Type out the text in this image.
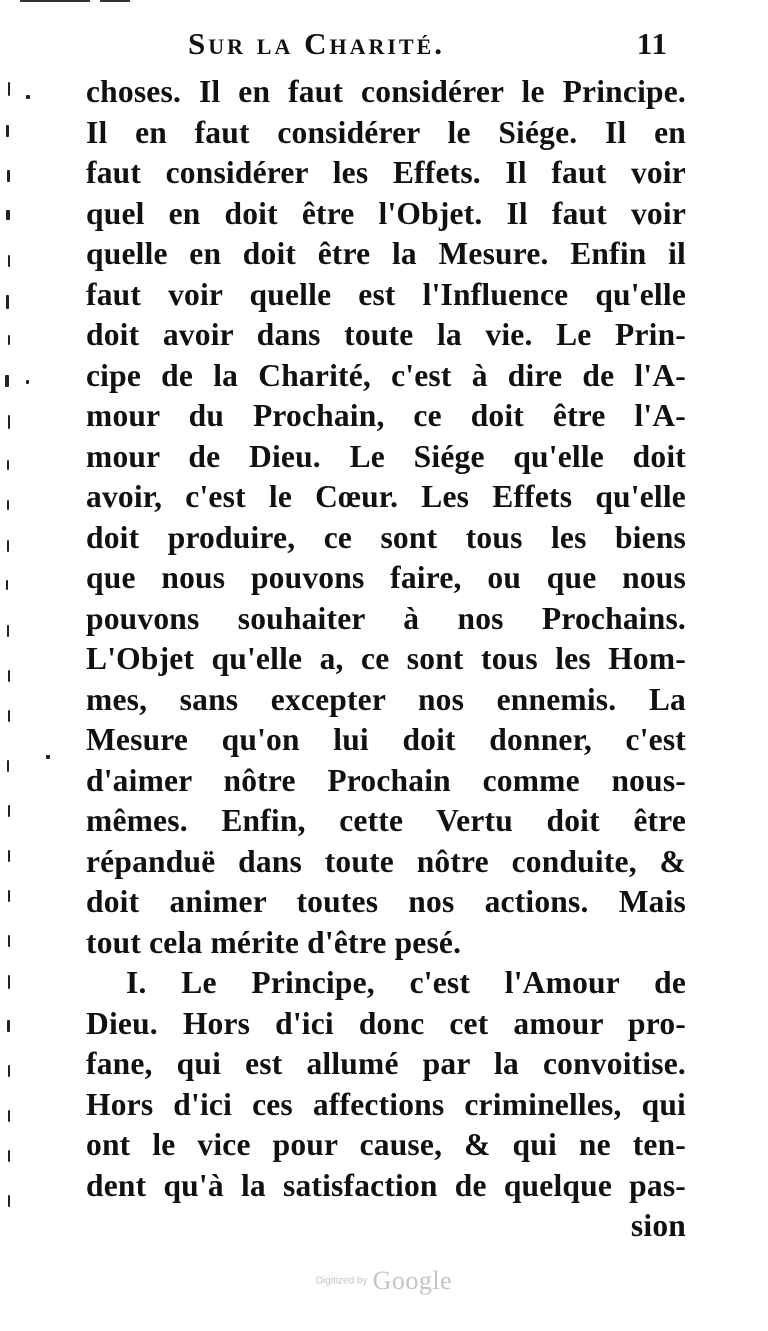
Sur la Charité.	11
choses. Il en faut considérer le Principe.
Il en faut considérer le Siége. Il en
faut considérer les Effets. Il faut voir
quel en doit être l'Objet. Il faut voir
quelle en doit être la Mesure. Enfin il
faut voir quelle est l'Influence qu'elle
doit avoir dans toute la vie. Le Prin-
cipe de la Charité, c'est à dire de l'A-
mour du Prochain, ce doit être l'A-
mour de Dieu. Le Siége qu'elle doit
avoir, c'est le Cœur. Les Effets qu'elle
doit produire, ce sont tous les biens
que nous pouvons faire, ou que nous
pouvons souhaiter à nos Prochains.
L'Objet qu'elle a, ce sont tous les Hom-
mes, sans excepter nos ennemis. La
Mesure qu'on lui doit donner, c'est
d'aimer nôtre Prochain comme nous-
mêmes. Enfin, cette Vertu doit être
répanduë dans toute nôtre conduite, &
doit animer toutes nos actions. Mais
tout cela mérite d'être pesé.
I. Le Principe, c'est l'Amour de
Dieu. Hors d'ici donc cet amour pro-
fane, qui est allumé par la convoitise.
Hors d'ici ces affections criminelles, qui
ont le vice pour cause, & qui ne ten-
dent qu'à la satisfaction de quelque pas-
sion
Digitized by Google
